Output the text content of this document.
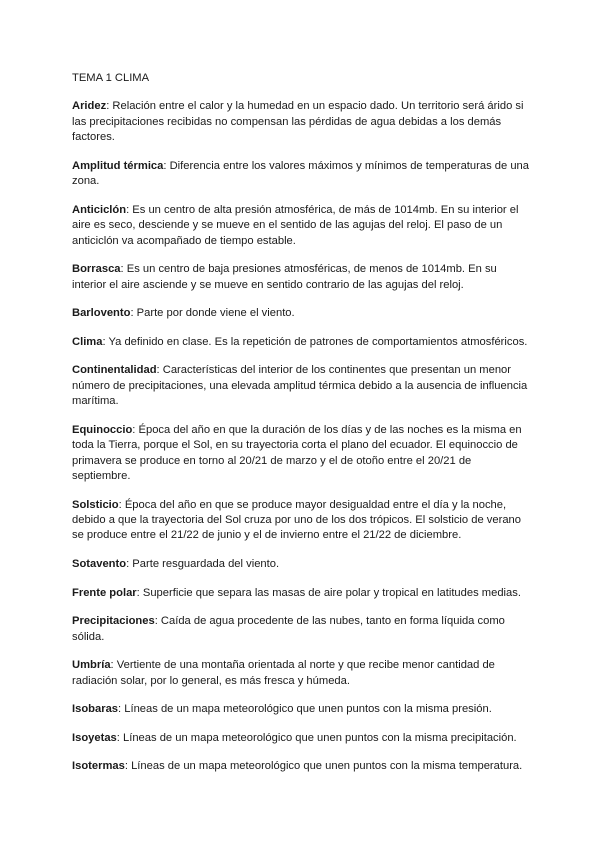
TEMA 1 CLIMA

Aridez: Relación entre el calor y la humedad en un espacio dado. Un territorio será árido si las precipitaciones recibidas no compensan las pérdidas de agua debidas a los demás factores.

Amplitud térmica: Diferencia entre los valores máximos y mínimos de temperaturas de una zona.

Anticiclón: Es un centro de alta presión atmosférica, de más de 1014mb. En su interior el aire es seco, desciende y se mueve en el sentido de las agujas del reloj. El paso de un anticiclón va acompañado de tiempo estable.

Borrasca: Es un centro de baja presiones atmosféricas, de menos de 1014mb. En su interior el aire asciende y se mueve en sentido contrario de las agujas del reloj.

Barlovento: Parte por donde viene el viento.

Clima: Ya definido en clase. Es la repetición de patrones de comportamientos atmosféricos.

Continentalidad: Características del interior de los continentes que presentan un menor número de precipitaciones, una elevada amplitud térmica debido a la ausencia de influencia marítima.

Equinoccio: Época del año en que la duración de los días y de las noches es la misma en toda la Tierra, porque el Sol, en su trayectoria corta el plano del ecuador. El equinoccio de primavera se produce en torno al 20/21 de marzo y el de otoño entre el 20/21 de septiembre.

Solsticio: Época del año en que se produce mayor desigualdad entre el día y la noche, debido a que la trayectoria del Sol cruza por uno de los dos trópicos. El solsticio de verano se produce entre el 21/22 de junio y el de invierno entre el 21/22 de diciembre.

Sotavento: Parte resguardada del viento.

Frente polar: Superficie que separa las masas de aire polar y tropical en latitudes medias.

Precipitaciones: Caída de agua procedente de las nubes, tanto en forma líquida como sólida.

Umbría: Vertiente de una montaña orientada al norte y que recibe menor cantidad de radiación solar, por lo general, es más fresca y húmeda.

Isobaras: Líneas de un mapa meteorológico que unen puntos con la misma presión.

Isoyetas: Líneas de un mapa meteorológico que unen puntos con la misma precipitación.

Isotermas: Líneas de un mapa meteorológico que unen puntos con la misma temperatura.
